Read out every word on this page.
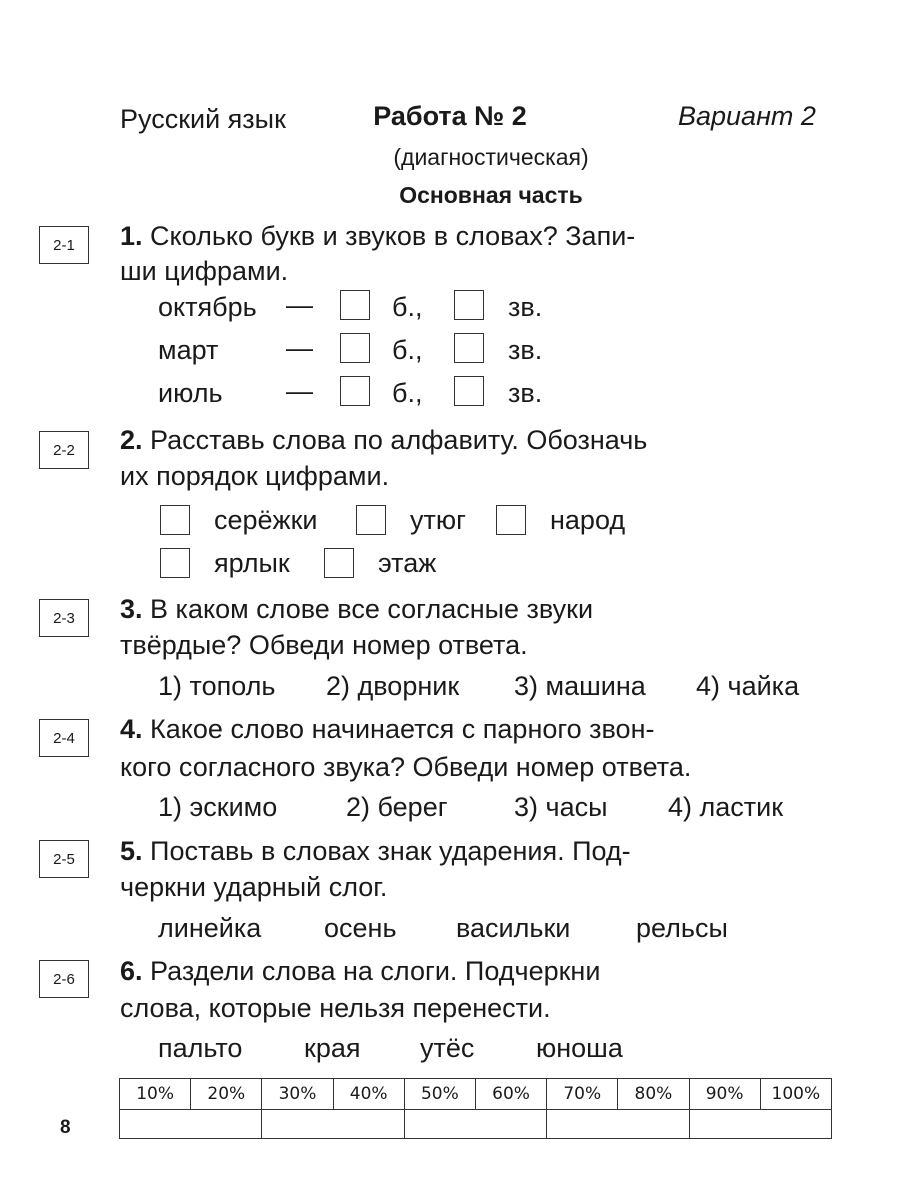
Русский язык	Работа № 2	Вариант 2
(диагностическая)
Основная часть
2-1	1. Сколько букв и звуков в словах? Запи-
ши цифрами.
октябрь —	б.,	зв.
март	—	б.,	зв.
июль —	б.,	зв.
2-2	2. Расставь слова по алфавиту. Обозначь
их порядок цифрами.
серёжки	утюг	народ
ярлык	этаж
2-3	3. В каком слове все согласные звуки
твёрдые? Обведи номер ответа.
1) тополь 2) дворник 3) машина 4) чайка
2-4	4. Какое слово начинается с парного звон-
кого согласного звука? Обведи номер ответа.
1) эскимо	2) берег 3) часы 4) ластик
2-5	5. Поставь в словах знак ударения. Под-
черкни ударный слог.
линейка осень васильки рельсы
2-6	6. Раздели слова на слоги. Подчеркни
слова, которые нельзя перенести.
пальто края утёс юноша
10%	20%	30%	40%	50%	60%	70%	80%	90%	100%

8
